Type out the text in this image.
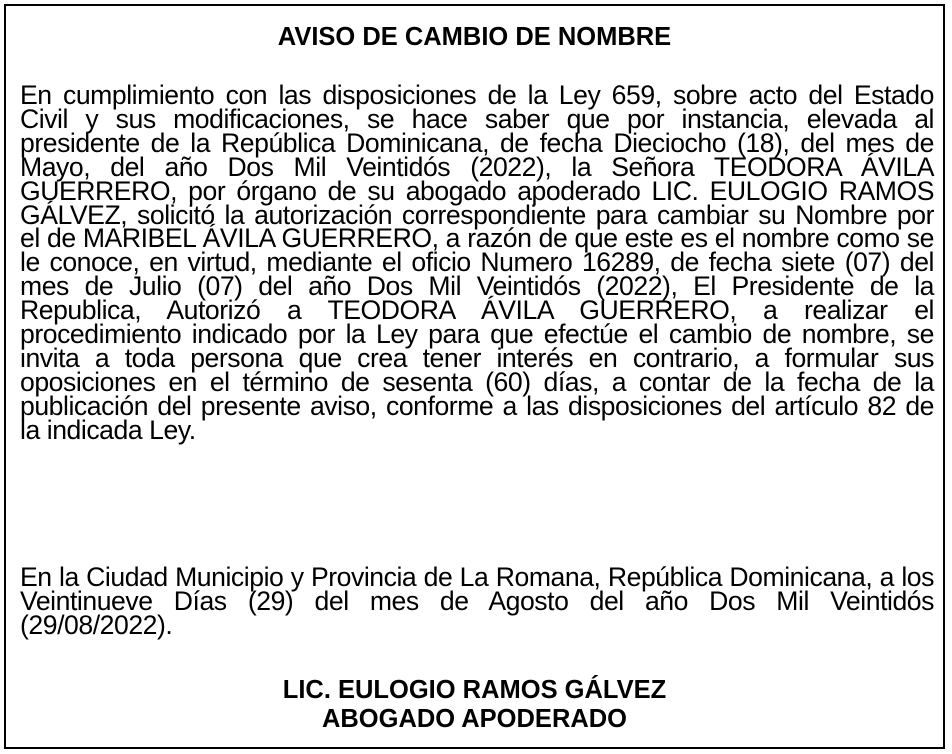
AVISO DE CAMBIO DE NOMBRE

En cumplimiento con las disposiciones de la Ley 659, sobre acto del Estado Civil y sus modificaciones, se hace saber que por instancia, elevada al presidente de la República Dominicana, de fecha Dieciocho (18), del mes de Mayo, del año Dos Mil Veintidós (2022), la Señora TEODORA ÁVILA GUERRERO, por órgano de su abogado apoderado LIC. EULOGIO RAMOS GÁLVEZ, solicitó la autorización correspondiente para cambiar su Nombre por el de MARIBEL ÁVILA GUERRERO, a razón de que este es el nombre como se le conoce, en virtud, mediante el oficio Numero 16289, de fecha siete (07) del mes de Julio (07) del año Dos Mil Veintidós (2022), El Presidente de la Republica, Autorizó a TEODORA ÁVILA GUERRERO, a realizar el procedimiento indicado por la Ley para que efectúe el cambio de nombre, se invita a toda persona que crea tener interés en contrario, a formular sus oposiciones en el término de sesenta (60) días, a contar de la fecha de la publicación del presente aviso, conforme a las disposiciones del artículo 82 de la indicada Ley.

En la Ciudad Municipio y Provincia de La Romana, República Dominicana, a los Veintinueve Días (29) del mes de Agosto del año Dos Mil Veintidós (29/08/2022).

LIC. EULOGIO RAMOS GÁLVEZ
ABOGADO APODERADO
